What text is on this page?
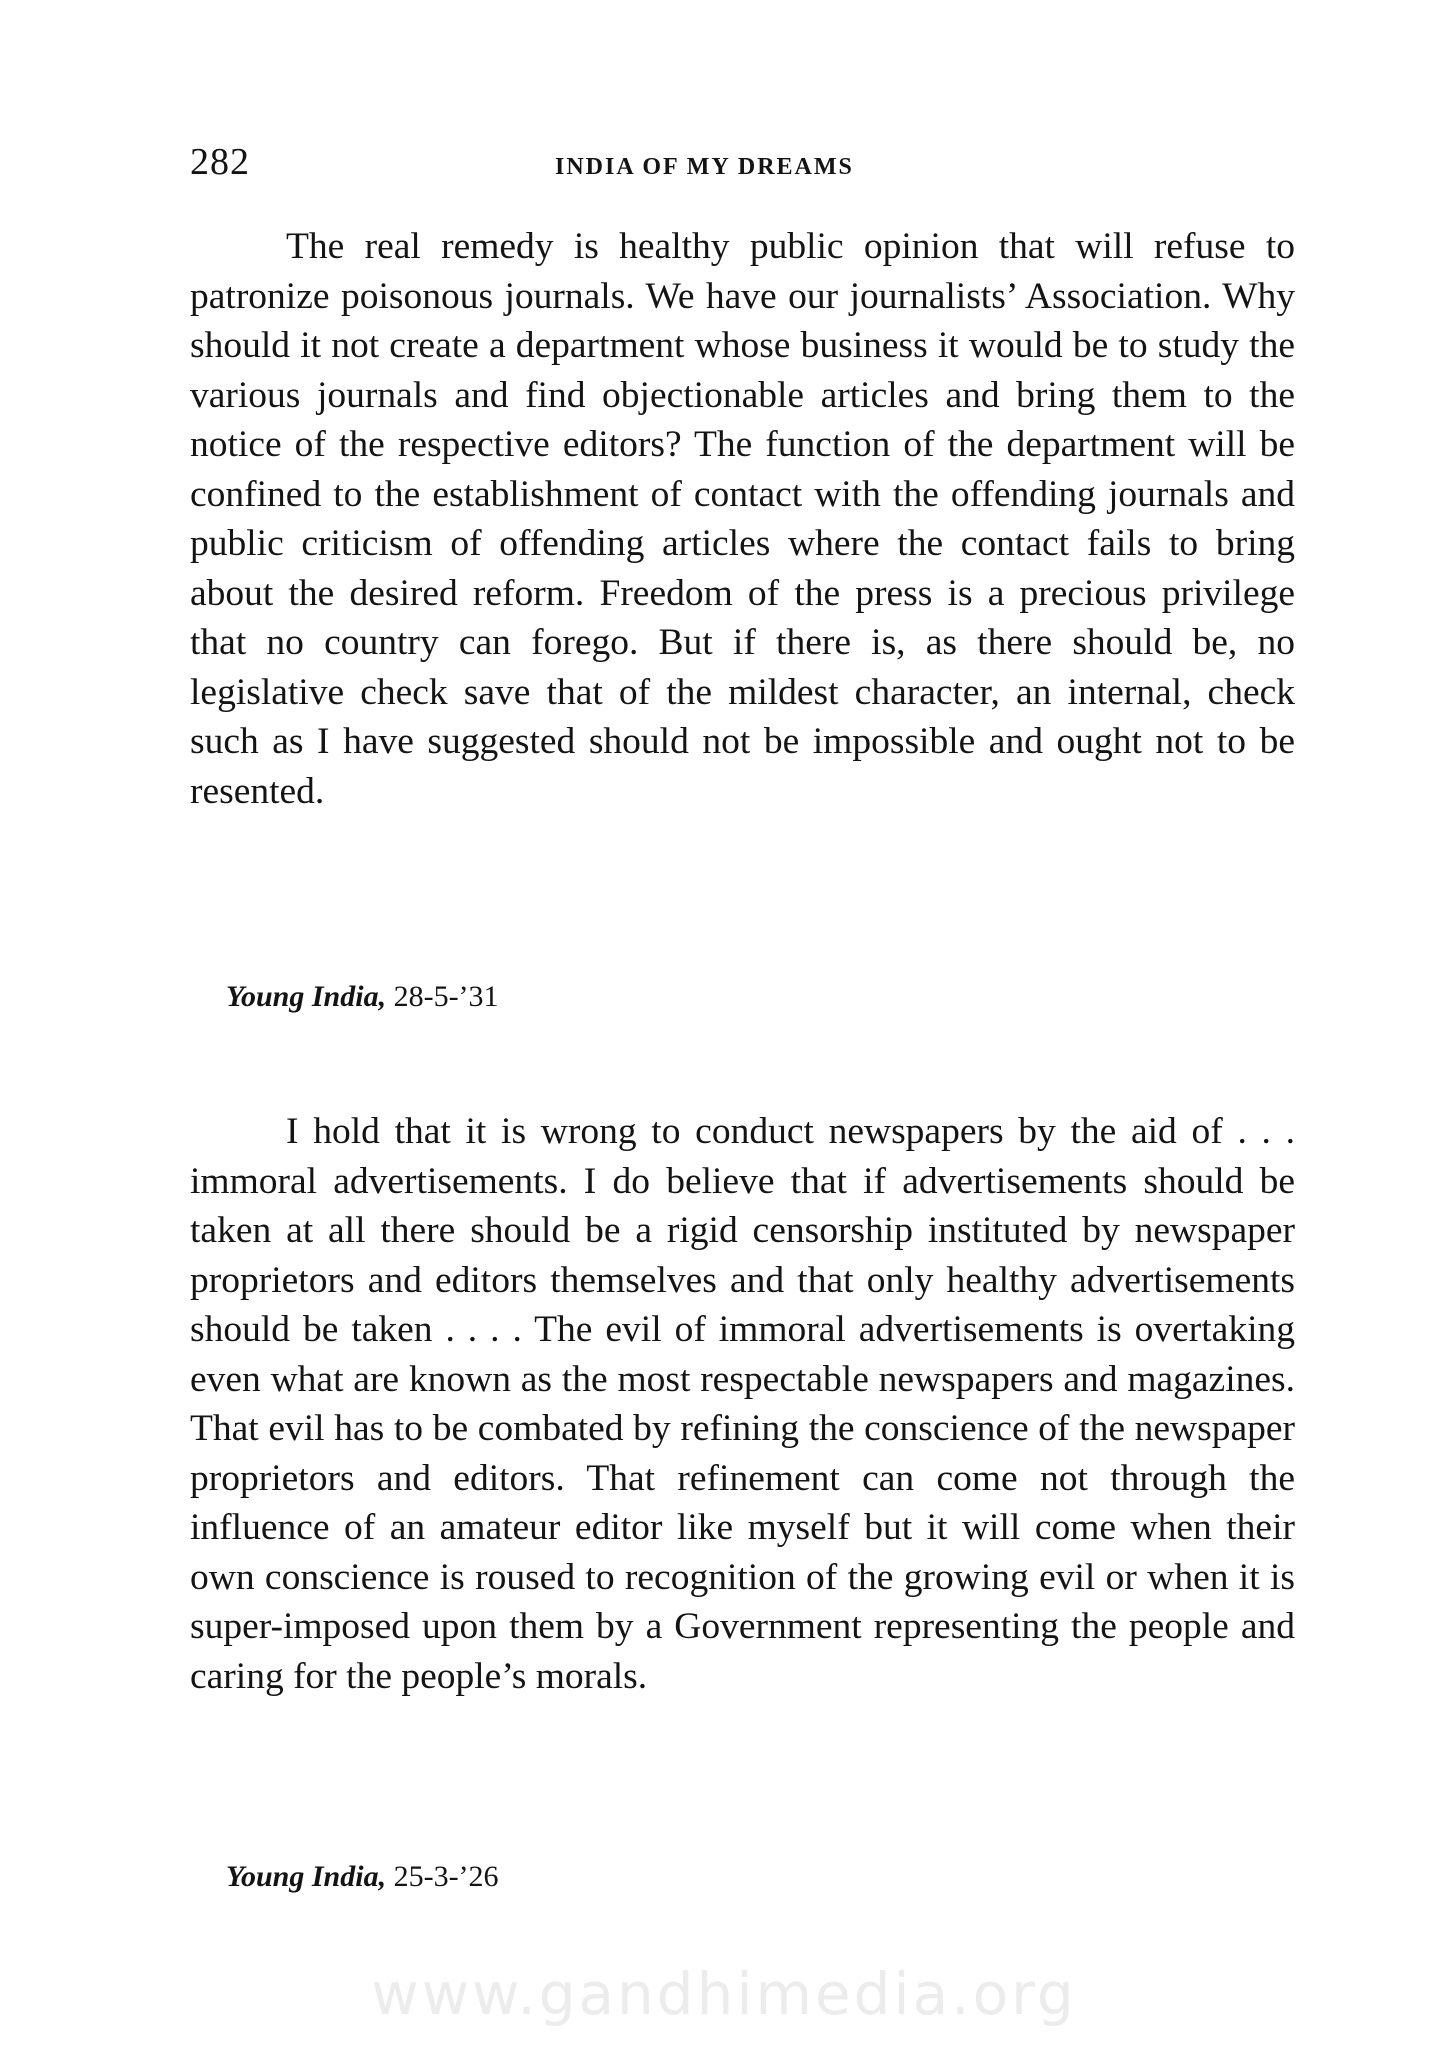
282	INDIA OF MY DREAMS

The real remedy is healthy public opinion that will refuse to patronize poisonous journals. We have our journalists’ Association. Why should it not create a department whose business it would be to study the various journals and find objectionable articles and bring them to the notice of the respective editors? The function of the department will be confined to the establishment of contact with the offending journals and public criticism of offending articles where the contact fails to bring about the desired reform. Freedom of the press is a precious privilege that no country can forego. But if there is, as there should be, no legislative check save that of the mildest character, an internal, check such as I have suggested should not be impossible and ought not to be resented.

Young India, 28-5-’31

I hold that it is wrong to conduct newspapers by the aid of . . . immoral advertisements. I do believe that if advertisements should be taken at all there should be a rigid censorship instituted by newspaper proprietors and editors themselves and that only healthy advertisements should be taken . . . . The evil of immoral advertisements is overtaking even what are known as the most respectable newspapers and magazines. That evil has to be combated by refining the conscience of the newspaper proprietors and editors. That refinement can come not through the influence of an amateur editor like myself but it will come when their own conscience is roused to recognition of the growing evil or when it is super-imposed upon them by a Government representing the people and caring for the people’s morals.

Young India, 25-3-’26

www.gandhimedia.org
